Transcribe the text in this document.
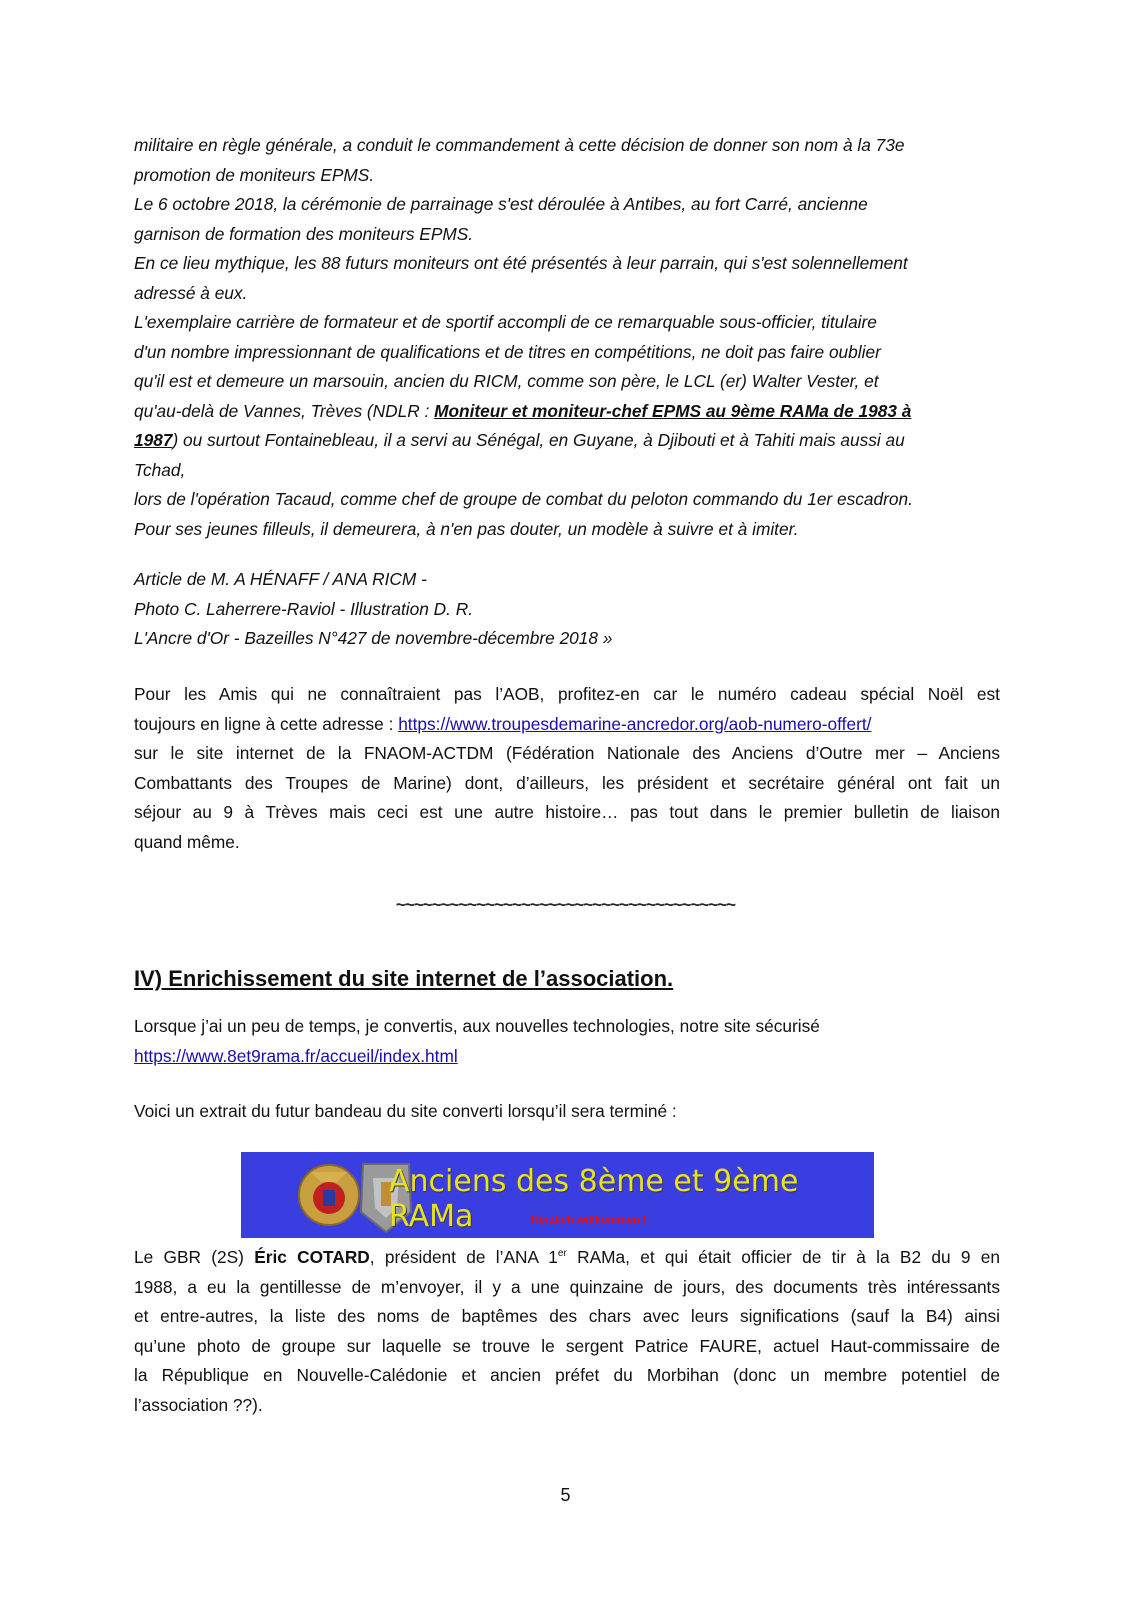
militaire en règle générale, a conduit le commandement à cette décision de donner son nom à la 73e
promotion de moniteurs EPMS.
Le 6 octobre 2018, la cérémonie de parrainage s'est déroulée à Antibes, au fort Carré, ancienne
garnison de formation des moniteurs EPMS.
En ce lieu mythique, les 88 futurs moniteurs ont été présentés à leur parrain, qui s'est solennellement
adressé à eux.
L'exemplaire carrière de formateur et de sportif accompli de ce remarquable sous-officier, titulaire
d'un nombre impressionnant de qualifications et de titres en compétitions, ne doit pas faire oublier
qu'il est et demeure un marsouin, ancien du RICM, comme son père, le LCL (er) Walter Vester, et
qu'au-delà de Vannes, Trèves (NDLR : Moniteur et moniteur-chef EPMS au 9ème RAMa de 1983 à
1987) ou surtout Fontainebleau, il a servi au Sénégal, en Guyane, à Djibouti et à Tahiti mais aussi au
Tchad,
lors de l'opération Tacaud, comme chef de groupe de combat du peloton commando du 1er escadron.
Pour ses jeunes filleuls, il demeurera, à n'en pas douter, un modèle à suivre et à imiter.
Article de M. A HÉNAFF / ANA RICM -
Photo C. Laherrere-Raviol - Illustration D. R.
L'Ancre d'Or - Bazeilles N°427 de novembre-décembre 2018 »
Pour les Amis qui ne connaîtraient pas l’AOB, profitez-en car le numéro cadeau spécial Noël est
toujours en ligne à cette adresse : https://www.troupesdemarine-ancredor.org/aob-numero-offert/
sur le site internet de la FNAOM-ACTDM (Fédération Nationale des Anciens d’Outre mer – Anciens
Combattants des Troupes de Marine) dont, d’ailleurs, les président et secrétaire général ont fait un
séjour au 9 à Trèves mais ceci est une autre histoire… pas tout dans le premier bulletin de liaison
quand même.
~~~~~~~~~~~~~~~~~~~~~~~~~~~~~~~~~~~~~~
IV) Enrichissement du site internet de l’association.
Lorsque j’ai un peu de temps, je convertis, aux nouvelles technologies, notre site sécurisé
https://www.8et9rama.fr/accueil/index.html
Voici un extrait du futur bandeau du site converti lorsqu’il sera terminé :
Anciens des 8ème et 9ème RAMa	Herzlich willkommen !
Le GBR (2S) Éric COTARD, président de l’ANA 1er RAMa, et qui était officier de tir à la B2 du 9 en
1988, a eu la gentillesse de m’envoyer, il y a une quinzaine de jours, des documents très intéressants
et entre-autres, la liste des noms de baptêmes des chars avec leurs significations (sauf la B4) ainsi
qu’une photo de groupe sur laquelle se trouve le sergent Patrice FAURE, actuel Haut-commissaire de
la République en Nouvelle-Calédonie et ancien préfet du Morbihan (donc un membre potentiel de
l’association ??).
5
